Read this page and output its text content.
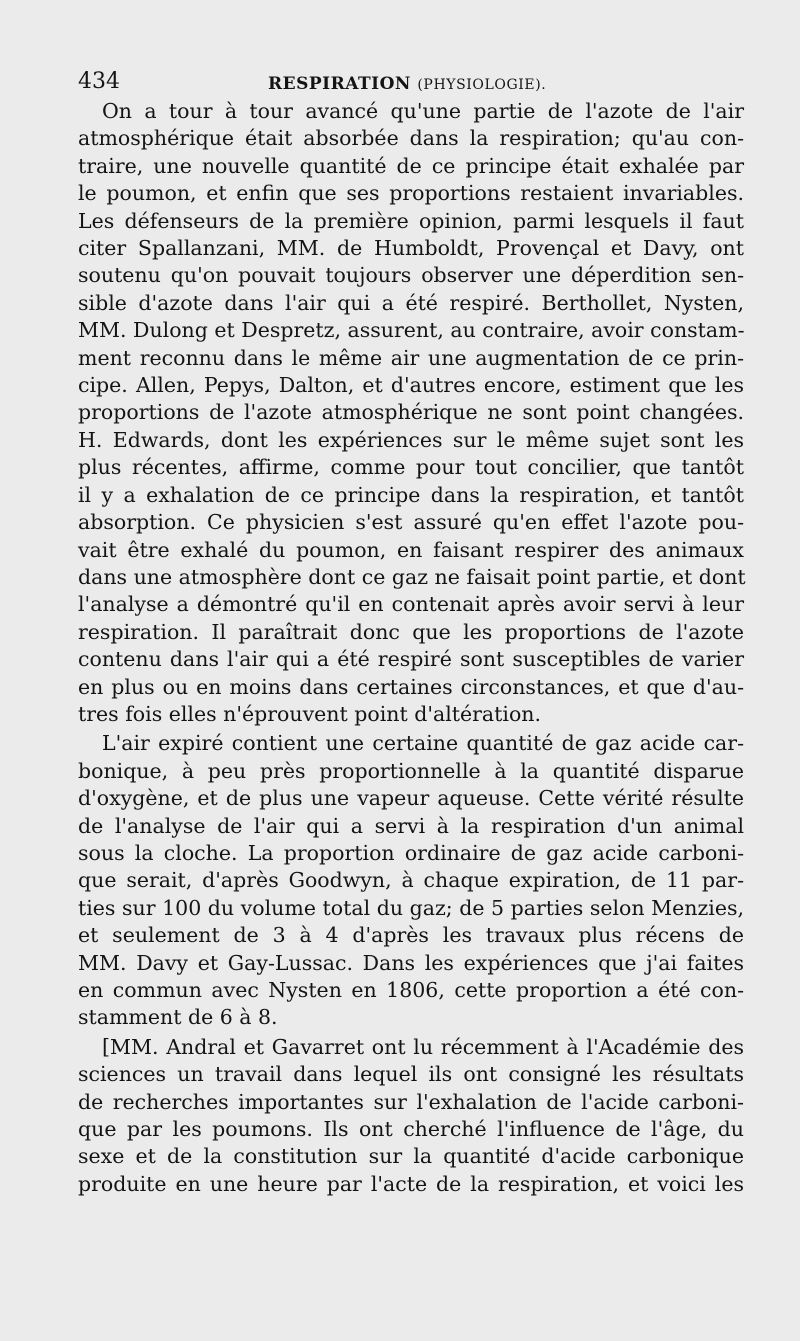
434	RESPIRATION (PHYSIOLOGIE).
On a tour à tour avancé qu'une partie de l'azote de l'air
atmosphérique était absorbée dans la respiration; qu'au con-
traire, une nouvelle quantité de ce principe était exhalée par
le poumon, et enfin que ses proportions restaient invariables.
Les défenseurs de la première opinion, parmi lesquels il faut
citer Spallanzani, MM. de Humboldt, Provençal et Davy, ont
soutenu qu'on pouvait toujours observer une déperdition sen-
sible d'azote dans l'air qui a été respiré. Berthollet, Nysten,
MM. Dulong et Despretz, assurent, au contraire, avoir constam-
ment reconnu dans le même air une augmentation de ce prin-
cipe. Allen, Pepys, Dalton, et d'autres encore, estiment que les
proportions de l'azote atmosphérique ne sont point changées.
H. Edwards, dont les expériences sur le même sujet sont les
plus récentes, affirme, comme pour tout concilier, que tantôt
il y a exhalation de ce principe dans la respiration, et tantôt
absorption. Ce physicien s'est assuré qu'en effet l'azote pou-
vait être exhalé du poumon, en faisant respirer des animaux
dans une atmosphère dont ce gaz ne faisait point partie, et dont
l'analyse a démontré qu'il en contenait après avoir servi à leur
respiration. Il paraîtrait donc que les proportions de l'azote
contenu dans l'air qui a été respiré sont susceptibles de varier
en plus ou en moins dans certaines circonstances, et que d'au-
tres fois elles n'éprouvent point d'altération.
L'air expiré contient une certaine quantité de gaz acide car-
bonique, à peu près proportionnelle à la quantité disparue
d'oxygène, et de plus une vapeur aqueuse. Cette vérité résulte
de l'analyse de l'air qui a servi à la respiration d'un animal
sous la cloche. La proportion ordinaire de gaz acide carboni-
que serait, d'après Goodwyn, à chaque expiration, de 11 par-
ties sur 100 du volume total du gaz; de 5 parties selon Menzies,
et seulement de 3 à 4 d'après les travaux plus récens de
MM. Davy et Gay-Lussac. Dans les expériences que j'ai faites
en commun avec Nysten en 1806, cette proportion a été con-
stamment de 6 à 8.
[MM. Andral et Gavarret ont lu récemment à l'Académie des
sciences un travail dans lequel ils ont consigné les résultats
de recherches importantes sur l'exhalation de l'acide carboni-
que par les poumons. Ils ont cherché l'influence de l'âge, du
sexe et de la constitution sur la quantité d'acide carbonique
produite en une heure par l'acte de la respiration, et voici les
